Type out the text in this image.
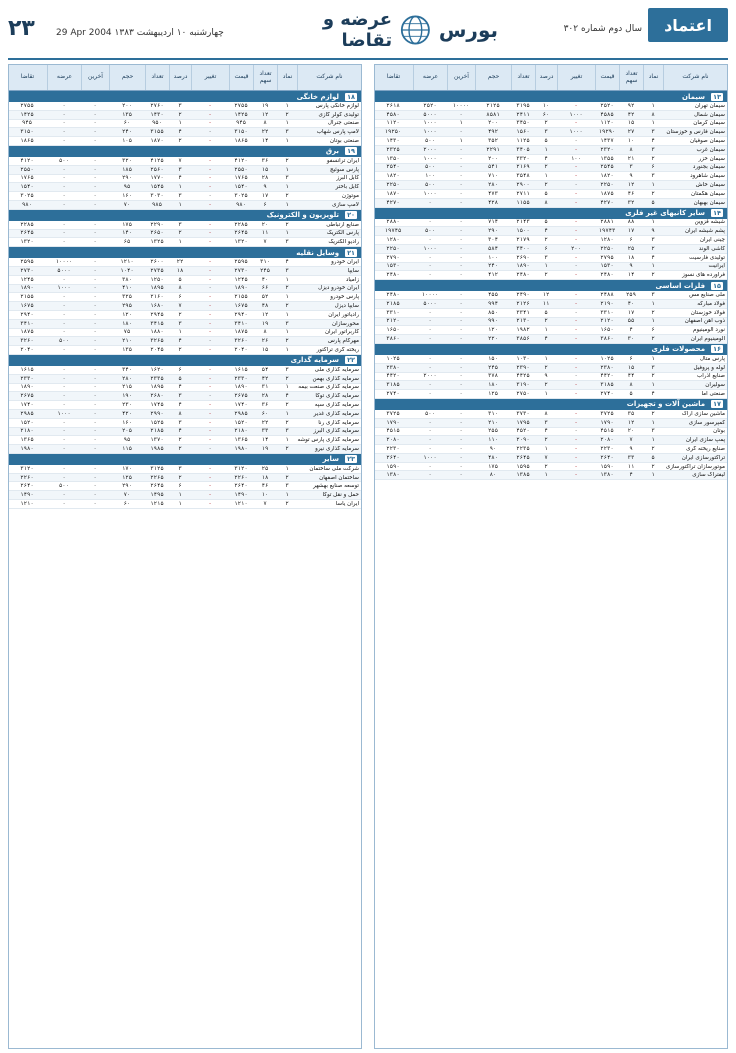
اعتماد
سال دوم شماره ۳۰۲
بورس
عرضه و تقاضا
29 Apr 2004 چهارشنبه ۱۰ اردیبهشت ۱۳۸۳
۲۳
نام شرکت
نماد
تعداد سهم
قیمت
تغییر
درصد
تعداد
حجم
آخرین
عرضه
تقاضا
۱۳
سیمان
سیمان تهران
۱
۹۲
۲۵۲۰
-
۱۰
۳۱۹۵
۲۱۲۵
۱۰۰۰۰
۲۵۲۰
۲۶۱۸
سیمان شمال
۸
۴۲
۴۵۸۵
۱۰۰۰
۶۰
۲۴۱۱
۸۵۸۱
۰
۵۰۰۰
۴۵۸۰
سیمان کرمان
۱
۱۵
۱۱۲۰
-
۲
۳۴۵۰
۲۰۰
۱
۱۰۰۰
۱۱۲۰
سیمان فارس و خوزستان
۳
۲۷
۱۹۲۹۰
۱۰۰۰
۳
۱۵۶۰
۴۹۲
۰
۱۰۰۰
۱۹۲۵۰
سیمان صوفیان
۴
۱۰
۱۴۳۷
۰
۵
۱۱۲۵
۳۵۲
۱
۵۰۰
۱۴۳۰
سیمان غرب
۳
۸
۲۳۲۰
-
۱
۳۴۰۵
۲۲۹۱
۰
۲۰۰۰
۲۳۲۵
سیمان خزر
۲
۲۱
۱۳۵۵
۱۰۰
۴
۳۳۲۰
۲۰۰
۰
۱۰۰۰
۱۳۵۰
سیمان بجنورد
۶
۳
۲۵۴۵
-
۲
۲۱۶۹
۵۴۱
۰
۵۰۰
۲۵۴۰
سیمان شاهرود
۳
۹
۱۸۲۰
-
۱
۳۵۴۸
۷۱۰
۰
۱۰۰
۱۸۲۰
سیمان خاش
۱
۱۲
۲۲۵۰
۰
۲
۲۹۰۰
۲۸۰
۰
۵۰۰
۲۲۵۰
سیمان هگمتان
۲
۴۶
۱۸۷۵
-
۵
۲۷۱۱
۴۷۳
۰
۱۰۰۰
۱۸۷۰
سیمان بهبهان
۵
۳۲
۴۲۷۰
-
۸
۱۱۵۵
۴۲۸
۰
۰
۴۲۷۰
۱۴
سایر کانیهای غیر فلزی
شیشه قزوین
۱
۸۸
۲۸۸۱
-
۵
۲۱۴۳
۷۱۴
۰
۰
۲۸۸۰
پشم شیشه ایران
۹
۱۷
۱۹۷۴۳
-
۴
۱۵۰۰
۲۹۰
۰
۵۰۰
۱۹۷۴۵
چینی ایران
۳
۶
۱۲۸۰
-
۲
۲۱۷۹
۳۰۴
۰
۰
۱۲۸۰
کاشی الوند
۲
۲۵
۲۲۵۰
۲۰۰
۶
۳۴۰۰
۵۸۴
۰
۱۰۰۰
۲۲۵۰
تولیدی فارسیت
۴
۱۸
۲۷۹۵
-
۳
۲۶۹۰
۱۰۰
۰
۰
۲۷۹۰
ایرانیت
۱
۹
۱۵۳۰
۰
۱
۱۸۹۰
۲۴۰
۰
۰
۱۵۳۰
فرآورده های نسوز
۲
۱۴
۲۴۸۰
-
۲
۲۴۸۰
۴۱۲
۰
۰
۲۴۸۰
۱۵
فلزات اساسی
ملی صنایع مس
۳
۲۵۹
۲۴۸۸
-
۱۲
۲۴۹۰
۴۵۵
۰
۱۰۰۰۰
۲۴۸۰
فولاد مبارکه
۱
۴۰
۲۱۹۰
-
۱۱
۲۱۲۶
۹۹۴
۰
۵۰۰۰
۲۱۸۵
فولاد خوزستان
۲
۱۷
۳۳۱۰
۰
۵
۳۳۴۱
۸۵۰
۰
۰
۳۳۱۰
ذوب آهن اصفهان
۱
۵۵
۲۱۲۰
-
۲
۲۱۳۰
۹۹۰
۰
۰
۲۱۲۰
نورد آلومینیوم
۶
۴
۱۶۵۰
-
۱
۱۹۸۲
۱۲۰
۰
۰
۱۶۵۰
آلومینیوم ایران
۲
۳۰
۳۸۶۰
-
۴
۳۸۵۶
۲۲۰
۰
۰
۳۸۶۰
۱۶
محصولات فلزی
پارس متال
۱
۶
۱۰۲۵
-
۱
۱۰۳۰
۱۵۰
۰
۰
۱۰۲۵
لوله و پروفیل
۳
۱۵
۲۳۸۰
-
۲
۲۳۹۰
۲۴۵
۰
۰
۲۳۸۰
صنایع آذرآب
۲
۴۴
۴۴۲۰
۰
۹
۴۴۲۵
۳۷۸
۰
۲۰۰۰
۴۴۲۰
سولیران
۱
۸
۳۱۸۵
-
۲
۳۱۹۰
۱۸۰
۰
۰
۳۱۸۵
صنعتی آما
۴
۵
۲۷۴۰
-
۱
۲۷۵۰
۱۲۵
۰
۰
۲۷۴۰
۱۷
ماشین آلات و تجهیزات
ماشین سازی اراک
۲
۳۵
۳۷۲۵
-
۸
۳۷۳۰
۳۱۰
۰
۵۰۰
۳۷۲۵
کمپرسور سازی
۱
۱۲
۱۷۹۰
-
۳
۱۷۹۵
۲۱۰
۰
۰
۱۷۹۰
بوتان
۳
۲۰
۴۵۱۵
۰
۴
۴۵۲۰
۲۵۵
۰
۰
۴۵۱۵
پمپ سازی ایران
۱
۷
۲۰۸۰
-
۲
۲۰۹۰
۱۱۰
۰
۰
۲۰۸۰
صنایع ریخته گری
۲
۹
۲۲۳۰
-
۱
۲۲۳۵
۹۰
۰
۰
۲۲۳۰
تراکتورسازی ایران
۵
۳۳
۲۶۴۰
-
۷
۲۶۴۵
۴۸۰
۰
۱۰۰۰
۲۶۴۰
موتورسازان تراکتورسازی
۲
۱۱
۱۵۹۰
-
۲
۱۵۹۵
۱۷۵
۰
۰
۱۵۹۰
لیفتراک سازی
۱
۴
۱۳۸۰
-
۱
۱۳۸۵
۸۰
۰
۰
۱۳۸۰
نام شرکت
نماد
تعداد سهم
قیمت
تغییر
درصد
تعداد
حجم
آخرین
عرضه
تقاضا
۱۸
لوازم خانگی
لوازم خانگی پارس
۱
۱۹
۲۷۵۵
-
۳
۲۷۶۰
۲۰۰
۰
۰
۲۷۵۵
تولیدی کولر گازی
۲
۱۲
۱۴۲۵
-
۲
۱۴۳۰
۱۳۵
۰
۰
۱۴۲۵
صنعتی جنرال
۱
۸
۹۴۵
-
۱
۹۵۰
۶۰
۰
۰
۹۴۵
لامپ پارس شهاب
۳
۲۲
۳۱۵۰
۰
۴
۳۱۵۵
۲۴۰
۰
۰
۳۱۵۰
صنعتی بوتان
۱
۱۴
۱۸۶۵
-
۲
۱۸۷۰
۱۰۵
۰
۰
۱۸۶۵
۱۹
برق
ایران ترانسفو
۲
۳۶
۴۱۲۰
-
۷
۴۱۲۵
۳۲۰
۰
۵۰۰
۴۱۲۰
پارس سوئیچ
۱
۱۵
۲۵۵۰
-
۳
۲۵۶۰
۱۸۵
۰
۰
۲۵۵۰
کابل البرز
۳
۲۸
۱۷۶۵
-
۴
۱۷۷۰
۲۹۰
۰
۰
۱۷۶۵
کابل باختر
۱
۹
۱۵۴۰
-
۱
۱۵۴۵
۹۵
۰
۰
۱۵۴۰
موتوژن
۲
۱۷
۳۰۲۵
۰
۳
۳۰۳۰
۱۶۰
۰
۰
۳۰۲۵
لامپ سازی
۱
۶
۹۸۰
-
۱
۹۸۵
۷۰
۰
۰
۹۸۰
۲۰
تلویزیون و الکترونیک
صنایع ارتباطی
۲
۲۰
۲۲۸۵
-
۳
۲۲۹۰
۱۷۵
۰
۰
۲۲۸۵
پارس الکتریک
۱
۱۱
۲۶۴۵
-
۲
۲۶۵۰
۱۴۰
۰
۰
۲۶۴۵
رادیو الکتریک
۳
۷
۱۳۲۰
-
۱
۱۳۲۵
۶۵
۰
۰
۱۳۲۰
۲۱
وسایل نقلیه
ایران خودرو
۴
۳۱۰
۲۵۹۵
-
۲۲
۲۶۰۰
۱۲۱۰
۰
۱۰۰۰۰
۲۵۹۵
سایپا
۳
۲۴۵
۲۷۳۰
-
۱۸
۲۷۳۵
۱۰۴۰
۰
۵۰۰۰
۲۷۳۰
زامیاد
۱
۴۰
۱۲۴۵
-
۵
۱۲۵۰
۳۸۰
۰
۰
۱۲۴۵
ایران خودرو دیزل
۲
۶۶
۱۸۹۰
۰
۸
۱۸۹۵
۴۱۰
۰
۱۰۰۰
۱۸۹۰
پارس خودرو
۱
۵۲
۲۱۵۵
-
۶
۲۱۶۰
۳۲۵
۰
۰
۲۱۵۵
سایپا دیزل
۲
۴۸
۱۶۷۵
-
۷
۱۶۸۰
۲۹۵
۰
۰
۱۶۷۵
رادیاتور ایران
۱
۱۲
۲۹۴۰
-
۲
۲۹۴۵
۱۲۰
۰
۰
۲۹۴۰
محورسازان
۳
۱۹
۳۴۱۰
-
۳
۳۴۱۵
۱۸۰
۰
۰
۳۴۱۰
کاربراتور ایران
۱
۸
۱۸۷۵
-
۱
۱۸۸۰
۷۵
۰
۰
۱۸۷۵
مهرکام پارس
۲
۲۶
۳۲۶۰
۰
۴
۳۲۶۵
۲۱۰
۰
۵۰۰
۳۲۶۰
ریخته گری تراکتور
۱
۱۵
۲۰۴۰
-
۲
۲۰۴۵
۱۳۵
۰
۰
۲۰۴۰
۲۲
سرمایه گذاری
سرمایه گذاری ملی
۳
۵۴
۱۶۱۵
-
۶
۱۶۲۰
۳۴۰
۰
۰
۱۶۱۵
سرمایه گذاری بهمن
۲
۴۲
۲۳۳۰
-
۵
۲۳۳۵
۲۸۰
۰
۰
۲۳۳۰
سرمایه گذاری صنعت بیمه
۱
۳۱
۱۸۹۰
-
۴
۱۸۹۵
۲۱۵
۰
۰
۱۸۹۰
سرمایه گذاری توکا
۴
۲۸
۲۶۷۵
۰
۳
۲۶۸۰
۱۹۰
۰
۰
۲۶۷۵
سرمایه گذاری سپه
۲
۳۶
۱۷۴۰
-
۴
۱۷۴۵
۲۳۰
۰
۰
۱۷۴۰
سرمایه گذاری غدیر
۱
۶۰
۲۹۸۵
-
۸
۲۹۹۰
۴۲۰
۰
۱۰۰۰
۲۹۸۵
سرمایه گذاری رنا
۲
۲۲
۱۵۲۰
-
۳
۱۵۲۵
۱۶۰
۰
۰
۱۵۲۰
سرمایه گذاری البرز
۳
۳۳
۲۱۸۰
-
۴
۲۱۸۵
۲۰۵
۰
۰
۲۱۸۰
سرمایه گذاری پارس توشه
۱
۱۴
۱۳۶۵
-
۲
۱۳۷۰
۹۵
۰
۰
۱۳۶۵
سرمایه گذاری نیرو
۲
۱۹
۱۹۸۰
۰
۲
۱۹۸۵
۱۱۵
۰
۰
۱۹۸۰
۲۳
سایر
شرکت ملی ساختمان
۱
۲۵
۳۱۲۰
-
۳
۳۱۲۵
۱۷۰
۰
۰
۳۱۲۰
ساختمان اصفهان
۲
۱۸
۲۲۶۰
-
۲
۲۲۶۵
۱۲۵
۰
۰
۲۲۶۰
توسعه صنایع بهشهر
۳
۴۶
۲۶۴۰
-
۶
۲۶۴۵
۲۹۰
۰
۵۰۰
۲۶۴۰
حمل و نقل توکا
۱
۱۰
۱۴۹۰
-
۱
۱۴۹۵
۷۰
۰
۰
۱۴۹۰
ایران یاسا
۲
۷
۱۲۱۰
-
۱
۱۲۱۵
۶۰
۰
۰
۱۲۱۰
